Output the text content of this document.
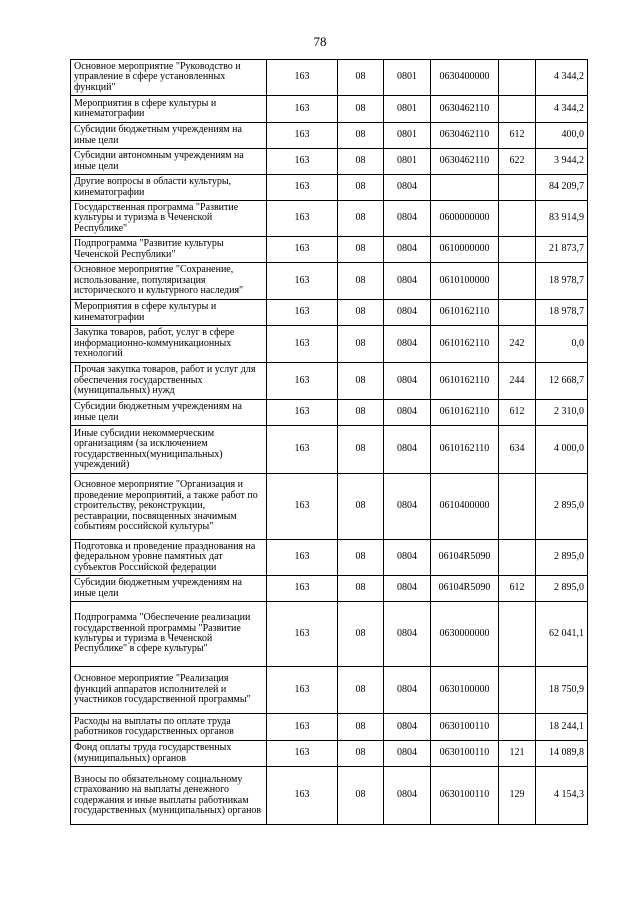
78
Основное мероприятие "Руководство и управление в сфере установленных функций"	163	08	0801	0630400000		4 344,2
Мероприятия в сфере культуры и кинематографии	163	08	0801	0630462110		4 344,2
Субсидии бюджетным учреждениям на иные цели	163	08	0801	0630462110	612	400,0
Субсидии автономным учреждениям на иные цели	163	08	0801	0630462110	622	3 944,2
Другие вопросы в области культуры, кинематографии	163	08	0804			84 209,7
Государственная программа "Развитие культуры и туризма в Чеченской Республике"	163	08	0804	0600000000		83 914,9
Подпрограмма "Развитие культуры Чеченской Республики"	163	08	0804	0610000000		21 873,7
Основное мероприятие "Сохранение, использование, популяризация исторического и культурного наследия"	163	08	0804	0610100000		18 978,7
Мероприятия в сфере культуры и кинематографии	163	08	0804	0610162110		18 978,7
Закупка товаров, работ, услуг в сфере информационно-коммуникационных технологий	163	08	0804	0610162110	242	0,0
Прочая закупка товаров, работ и услуг для обеспечения государственных (муниципальных) нужд	163	08	0804	0610162110	244	12 668,7
Субсидии бюджетным учреждениям на иные цели	163	08	0804	0610162110	612	2 310,0
Иные субсидии некоммерческим организациям (за исключением государственных(муниципальных) учреждений)	163	08	0804	0610162110	634	4 000,0
Основное мероприятие "Организация и проведение мероприятий, а также работ по строительству, реконструкции, реставрации, посвященных значимым событиям российской культуры"	163	08	0804	0610400000		2 895,0
Подготовка и проведение празднования на федеральном уровне памятных дат субъектов Российской федерации	163	08	0804	06104R5090		2 895,0
Субсидии бюджетным учреждениям на иные цели	163	08	0804	06104R5090	612	2 895,0
Подпрограмма "Обеспечение реализации государственной программы "Развитие культуры и туризма в Чеченской Республике" в сфере культуры"	163	08	0804	0630000000		62 041,1
Основное мероприятие "Реализация функций аппаратов исполнителей и участников государственной программы"	163	08	0804	0630100000		18 750,9
Расходы на выплаты по оплате труда работников государственных органов	163	08	0804	0630100110		18 244,1
Фонд оплаты труда государственных (муниципальных) органов	163	08	0804	0630100110	121	14 089,8
Взносы по обязательному социальному страхованию на выплаты денежного содержания и иные выплаты работникам государственных (муниципальных) органов	163	08	0804	0630100110	129	4 154,3
